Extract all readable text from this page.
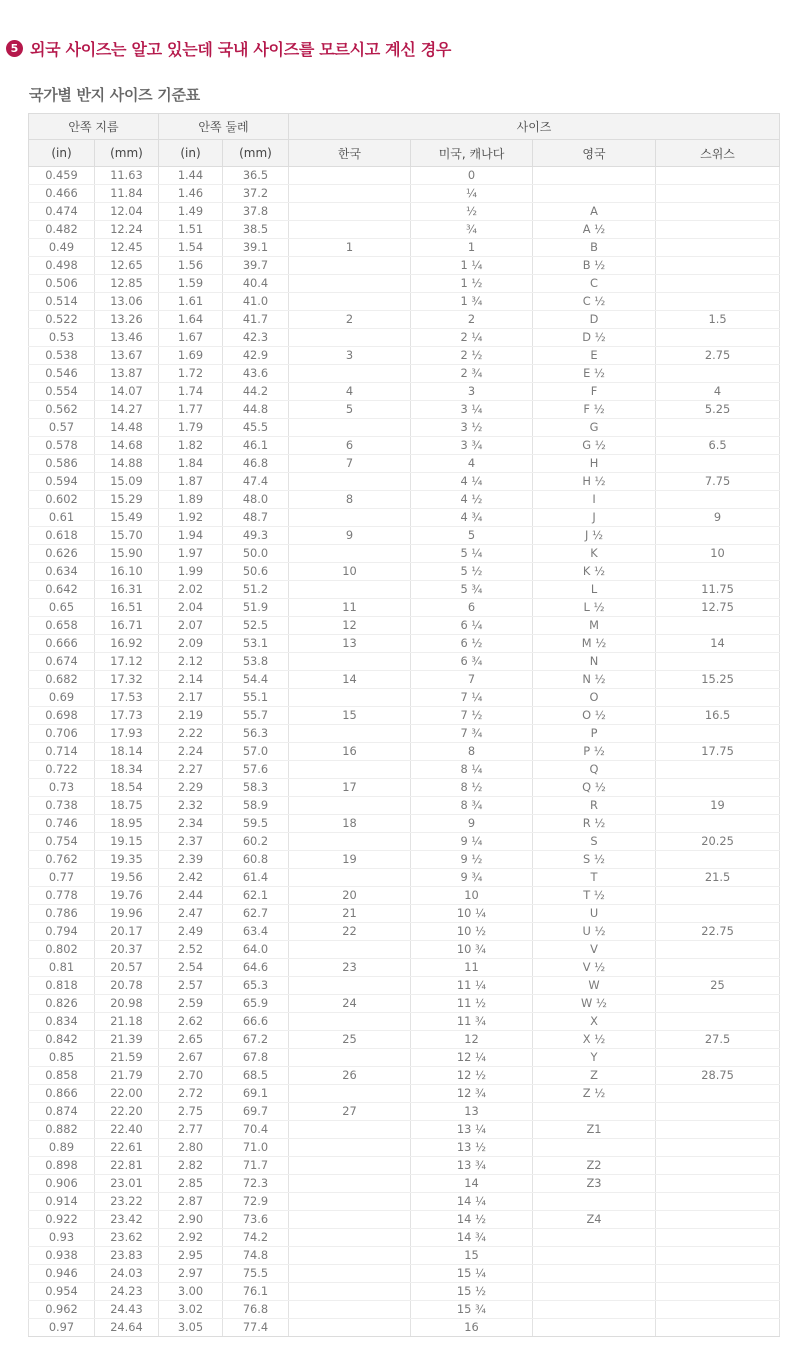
5 외국 사이즈는 알고 있는데 국내 사이즈를 모르시고 계신 경우
국가별 반지 사이즈 기준표
안쪽 지름		안쪽 둘레		사이즈			
(in)	(mm)	(in)	(mm)	한국	미국, 캐나다	영국	스위스
0.459	11.63	1.44	36.5		0		
0.466	11.84	1.46	37.2		¼		
0.474	12.04	1.49	37.8		½	A	
0.482	12.24	1.51	38.5		¾	A ½	
0.49	12.45	1.54	39.1	1	1	B	
0.498	12.65	1.56	39.7		1 ¼	B ½	
0.506	12.85	1.59	40.4		1 ½	C	
0.514	13.06	1.61	41.0		1 ¾	C ½	
0.522	13.26	1.64	41.7	2	2	D	1.5
0.53	13.46	1.67	42.3		2 ¼	D ½	
0.538	13.67	1.69	42.9	3	2 ½	E	2.75
0.546	13.87	1.72	43.6		2 ¾	E ½	
0.554	14.07	1.74	44.2	4	3	F	4
0.562	14.27	1.77	44.8	5	3 ¼	F ½	5.25
0.57	14.48	1.79	45.5		3 ½	G	
0.578	14.68	1.82	46.1	6	3 ¾	G ½	6.5
0.586	14.88	1.84	46.8	7	4	H	
0.594	15.09	1.87	47.4		4 ¼	H ½	7.75
0.602	15.29	1.89	48.0	8	4 ½	I	
0.61	15.49	1.92	48.7		4 ¾	J	9
0.618	15.70	1.94	49.3	9	5	J ½	
0.626	15.90	1.97	50.0		5 ¼	K	10
0.634	16.10	1.99	50.6	10	5 ½	K ½	
0.642	16.31	2.02	51.2		5 ¾	L	11.75
0.65	16.51	2.04	51.9	11	6	L ½	12.75
0.658	16.71	2.07	52.5	12	6 ¼	M	
0.666	16.92	2.09	53.1	13	6 ½	M ½	14
0.674	17.12	2.12	53.8		6 ¾	N	
0.682	17.32	2.14	54.4	14	7	N ½	15.25
0.69	17.53	2.17	55.1		7 ¼	O	
0.698	17.73	2.19	55.7	15	7 ½	O ½	16.5
0.706	17.93	2.22	56.3		7 ¾	P	
0.714	18.14	2.24	57.0	16	8	P ½	17.75
0.722	18.34	2.27	57.6		8 ¼	Q	
0.73	18.54	2.29	58.3	17	8 ½	Q ½	
0.738	18.75	2.32	58.9		8 ¾	R	19
0.746	18.95	2.34	59.5	18	9	R ½	
0.754	19.15	2.37	60.2		9 ¼	S	20.25
0.762	19.35	2.39	60.8	19	9 ½	S ½	
0.77	19.56	2.42	61.4		9 ¾	T	21.5
0.778	19.76	2.44	62.1	20	10	T ½	
0.786	19.96	2.47	62.7	21	10 ¼	U	
0.794	20.17	2.49	63.4	22	10 ½	U ½	22.75
0.802	20.37	2.52	64.0		10 ¾	V	
0.81	20.57	2.54	64.6	23	11	V ½	
0.818	20.78	2.57	65.3		11 ¼	W	25
0.826	20.98	2.59	65.9	24	11 ½	W ½	
0.834	21.18	2.62	66.6		11 ¾	X	
0.842	21.39	2.65	67.2	25	12	X ½	27.5
0.85	21.59	2.67	67.8		12 ¼	Y	
0.858	21.79	2.70	68.5	26	12 ½	Z	28.75
0.866	22.00	2.72	69.1		12 ¾	Z ½	
0.874	22.20	2.75	69.7	27	13		
0.882	22.40	2.77	70.4		13 ¼	Z1	
0.89	22.61	2.80	71.0		13 ½		
0.898	22.81	2.82	71.7		13 ¾	Z2	
0.906	23.01	2.85	72.3		14	Z3	
0.914	23.22	2.87	72.9		14 ¼		
0.922	23.42	2.90	73.6		14 ½	Z4	
0.93	23.62	2.92	74.2		14 ¾		
0.938	23.83	2.95	74.8		15		
0.946	24.03	2.97	75.5		15 ¼		
0.954	24.23	3.00	76.1		15 ½		
0.962	24.43	3.02	76.8		15 ¾		
0.97	24.64	3.05	77.4		16		
